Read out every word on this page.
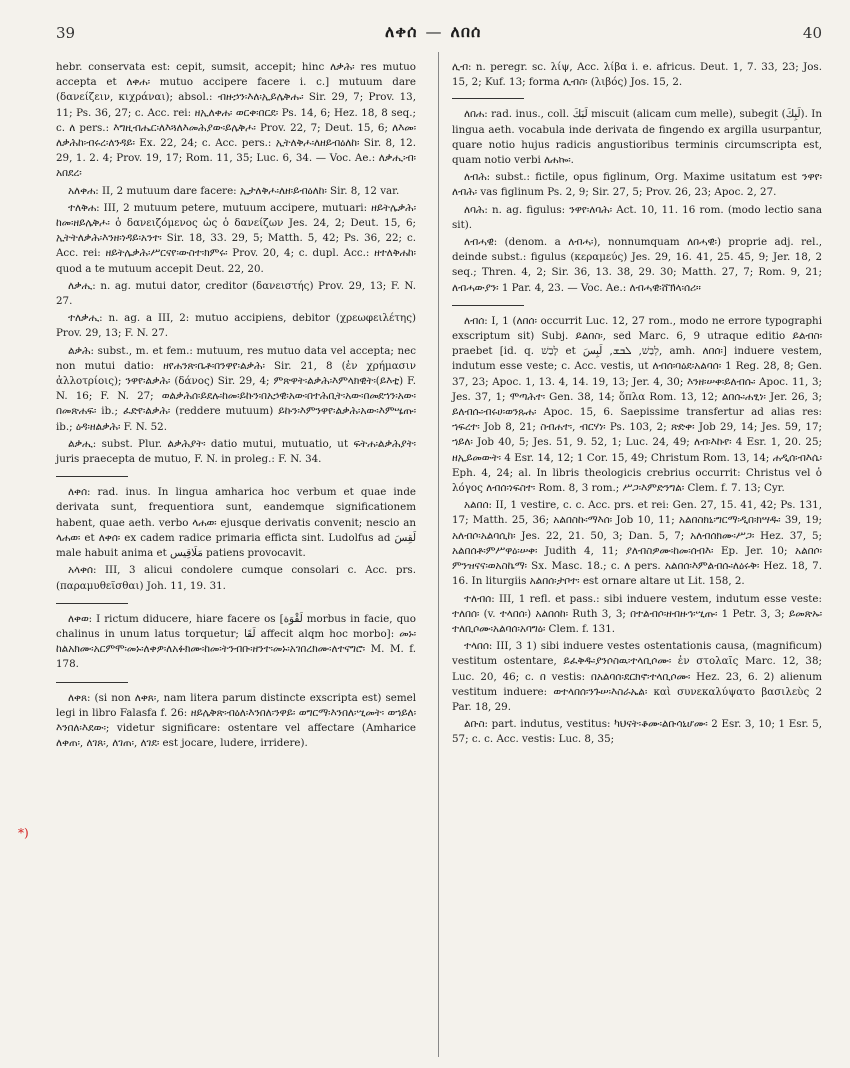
39	ለቀሰ — ለበሰ	40
*)

hebr. conservata est: cepit, sumsit, accepit; hinc ለቃሕ፡ res mutuo accepta et ለቀሐ፡ mutuo accipere facere i. c.] mutuum dare (δανείζειν, κιχράναι); absol.: ብዙኃን፡እለ፡ኢይሌቅሑ፡ Sir. 29, 7; Prov. 13, 11; Ps. 36, 27; c. Acc. rei: ዘኢለቀሐ፡ ወርቀ፡በርደ፡ Ps. 14, 6; Hez. 18, 8 seq.; c. ለ pers.: እግዚብሔር፡ለእጓለእመሕያው፡ይሌቅሖ፡ Prov. 22, 7; Deut. 15, 6; ለእመ፡ለቃሕከ፡ብሩረ፡ለንዳይ፡ Ex. 22, 24; c. Acc. pers.: ኢትለቅሖ፡ለዘይብዕለከ፡ Sir. 8, 12. 29, 1. 2. 4; Prov. 19, 17; Rom. 11, 35; Luc. 6, 34. — Voc. Ae.: ለቃሒ፡ብ፡አበደረ፡

አለቀሐ: II, 2 mutuum dare facere: ኢታለቅሖ፡ለዘ፡ይብዕለከ፡ Sir. 8, 12 var.

ተለቅሐ: III, 2 mutuum petere, mutuum accipere, mutuari: ዘይትሌቃሕ፡ከመ፡ዘይሌቅሖ፡ ὁ δανειζόμενος ὡς ὁ δανείζων Jes. 24, 2; Deut. 15, 6; ኢትትለቃሕ፡እንዘ፡ነዳይ፡አንተ፡ Sir. 18, 33. 29, 5; Matth. 5, 42; Ps. 36, 22; c. Acc. rei: ዘይትሌቃሕ፡ሥርናየ፡ውስተ፡ክምሩ፡ Prov. 20, 4; c. dupl. Acc.: ዘተለቅሐከ፡ quod a te mutuum accepit Deut. 22, 20.

ለቃሒ: n. ag. mutui dator, creditor (δανειστής) Prov. 29, 13; F. N. 27.

ተለቃሒ: n. ag. a III, 2: mutuo accipiens, debitor (χρεωφειλέτης) Prov. 29, 13; F. N. 27.

ልቃሕ: subst., m. et fem.: mutuum, res mutuo data vel accepta; nec non mutui datio: ዘየሐንጽ፡ቤቶ፡በንዋየ፡ልቃሕ፡ Sir. 21, 8 (ἐν χρήμασιν ἀλλοτρίοις); ንዋየ፡ልቃሕ፡ (δάνος) Sir. 29, 4; ምጽዋት፡ልቃሕ፡እምላክዊት፡(ይእቲ) F. N. 16; F. N. 27; ወልቃሕሰ፡ይደሉ፡ከመ፡ይኩን፡በአኃዊ፡አው፡በተሕቢት፡አው፡በመደኀን፡አው፡በመጽሐፍ፡ ib.; ፈድየ፡ልቃሕ፡ (reddere mutuum) ይኩን፡እምንዋየ፡ልቃሕ፡አው፡እምሤጡ፡ ib.; ዕዳ፡ዘልቃሕ፡ F. N. 52.

ልቃሒ: subst. Plur. ልቃሕያት፡ datio mutui, mutuatio, ut ፍትሐ፡ልቃሕያት፡ juris praecepta de mutuo, F. N. in proleg.: F. N. 34.

ለቀሰ: rad. inus. In lingua amharica hoc verbum et quae inde derivata sunt, frequentiora sunt, eandemque significationem habent, quae aeth. verbo ላሐወ፡ ejusque derivatis convenit; nescio an ላሐወ፡ et ለቀሰ፡ ex cadem radice primaria efficta sint. Ludolfus ad لَقِسَ male habuit anima et مَلَاقِيس patiens provocavit.

አላቀሰ: III, 3 alicui condolere cumque consolari c. Acc. prs. (παραμυθεῖσθαι) Joh. 11, 19. 31.

ለቀወ: I rictum diducere, hiare facere os [لَقْوَة morbus in facie, quo chalinus in unum latus torquetur; لَقَا affecit alqm hoc morbo]: መኑ፡ከልአክሙ፡አርምሞ፡መኑ፡ለቀዎ፡ለአፉክሙ፡ከመ፡ትንብቡ፡ዘንተ፡መኑ፡አገበረክሙ፡ለተናግሮ፡ M. M. f. 178.

ለቀጸ: (si non ለቀጸ፡, nam litera parum distincte exscripta est) semel legi in libro Falasfa f. 26: ዘይሌቅጽ፡ብዕለ፡እንበለ፡ንዋይ፡ ወግርማ፡እንበለ፡ሢመት፡ ወኀይለ፡እንበለ፡እደው፡; videtur significare: ostentare vel affectare (Amharice ለቀጠ፡, ለገጸ፡, ለገጠ፡, ለገደ፡ est jocare, ludere, irridere).

ሊብ: n. peregr. sc. λίψ, Acc. λίβα i. e. africus. Deut. 1, 7. 33, 23; Jos. 15, 2; Kuf. 13; forma ሊብስ፡ (λιβός) Jos. 15, 2.

ለበሐ: rad. inus., coll. لَبَكَ miscuit (alicam cum melle), subegit (لَبِكَ). In lingua aeth. vocabula inde derivata de fingendo ex argilla usurpantur, quare notio hujus radicis angustioribus terminis circumscripta est, quam notio verbi ለሐኰ፡.

ለብሕ: subst.: fictile, opus figlinum, Org. Maxime usitatum est ንዋየ፡ለብሕ፡ vas figlinum Ps. 2, 9; Sir. 27, 5; Prov. 26, 23; Apoc. 2, 27.

ለባሕ: n. ag. figulus: ንዋየ፡ለባሕ፡ Act. 10, 11. 16 rom. (modo lectio sana sit).

ለብሓዊ: (denom. a ለብሓ፡), nonnumquam ለበሓዊ፡) proprie adj. rel., deinde subst.: figulus (κεραμεύς) Jes. 29, 16. 41, 25. 45, 9; Jer. 18, 2 seq.; Thren. 4, 2; Sir. 36, 13. 38, 29. 30; Matth. 27, 7; Rom. 9, 21; ለብሓውያን፡ 1 Par. 4, 23. — Voc. Ae.: ለብሓዊ፡ሸኽላ፡ሰሪ።

ለብሰ: I, 1 (ለበሰ፡ occurrit Luc. 12, 27 rom., modo ne errore typographi exscriptum sit) Subj. ይልበስ፡, sed Marc. 6, 9 utraque editio ይልብስ፡ praebet [id. q. לָבַשׁ et לְבַשׁ, ܠܒܫ, لَبِسَ, amh. ለበሰ፡] induere vestem, indutum esse veste; c. Acc. vestis, ut ለብሰ፡ባዕደ፡አልባሰ፡ 1 Reg. 28, 8; Gen. 37, 23; Apoc. 1, 13. 4, 14. 19, 13; Jer. 4, 30; እንዘ፡ሠቀ፡ይለብሱ፡ Apoc. 11, 3; Jes. 37, 1; ሞጣሕተ፡ Gen. 38, 14; ὅπλα Rom. 13, 12; ልበሱ፡ሐፂነ፡ Jer. 26, 3; ይለብሱ፡ብሩሀ፡ወንጹሐ፡ Apoc. 15, 6. Saepissime transfertur ad alias res: ኀፍረተ፡ Job 8, 21; ስብሐተ፡, ብርሃነ፡ Ps. 103, 2; ጽድቀ፡ Job 29, 14; Jes. 59, 17; ኀይለ፡ Job 40, 5; Jes. 51, 9. 52, 1; Luc. 24, 49; ለብ፡እኩየ፡ 4 Esr. 1, 20. 25; ዘኢይመውት፡ 4 Esr. 14, 12; 1 Cor. 15, 49; Christum Rom. 13, 14; ሐዲሰ፡ብእሴ፡ Eph. 4, 24; al. In libris theologicis crebrius occurrit: Christus vel ὁ λόγος ለብሰ፡ነፍስተ፡ Rom. 8, 3 rom.; ሥጋ፡እምድንግል፡ Clem. f. 7. 13; Cyr.

አልበሰ: II, 1 vestire, c. c. Acc. prs. et rei: Gen. 27, 15. 41, 42; Ps. 131, 17; Matth. 25, 36; አልበስኩ፡ማእሰ፡ Job 10, 11; አልበስክኒ፡ግርማ፡ዲበ፡ክሣዱ፡ 39, 19; አለብሶ፡አልባሲከ፡ Jes. 22, 21. 50, 3; Dan. 5, 7; አለብሰክሙ፡ሥጋ፡ Hez. 37, 5; አልበሰቶ፡ምሥዋዕ፡ሠቀ፡ Judith 4, 11; ያለብስዎሙ፡ከመ፡ሰብእ፡ Ep. Jer. 10; አልበሶ፡ምንዝናና፡ወአስኬማ፡ Sx. Masc. 18.; c. ለ pers. አልበሰ፡እምልብሱ፡ለዕሩቅ፡ Hez. 18, 7. 16. In liturgiis አልበሰ፡ታቦተ፡ est ornare altare ut Lit. 158, 2.

ተለብሰ: III, 1 refl. et pass.: sibi induere vestem, indutum esse veste: ተለበሰ፡ (v. ተላበሰ፡) አልበሰከ፡ Ruth 3, 3; በተልብሶ፡ዘብዙኅ፡ሢጡ፡ 1 Petr. 3, 3; ይመጽኡ፡ተለቢሶሙ፡አልባሰ፡አባግዕ፡ Clem. f. 131.

ተላበሰ: III, 3 1) sibi induere vestes ostentationis causa, (magnificum) vestitum ostentare, ይፈቅዱ፡ያንሶስዉ፡ተላቢሶሙ፡ ἐν στολαῖς Marc. 12, 38; Luc. 20, 46; c. በ vestis: በአልባሰ፡ደርክኖ፡ተላቢሶሙ፡ Hez. 23, 6. 2) alienum vestitum induere: ወተላበሰ፡ንጉሠ፡እስራኤል፡ καὶ συνεκαλύψατο βασιλεὺς 2 Par. 18, 29.

ልቡስ: part. indutus, vestitus: ካህናት፡ቆሙ፡ልቡሳኒሆሙ፡ 2 Esr. 3, 10; 1 Esr. 5, 57; c. c. Acc. vestis: Luc. 8, 35;
